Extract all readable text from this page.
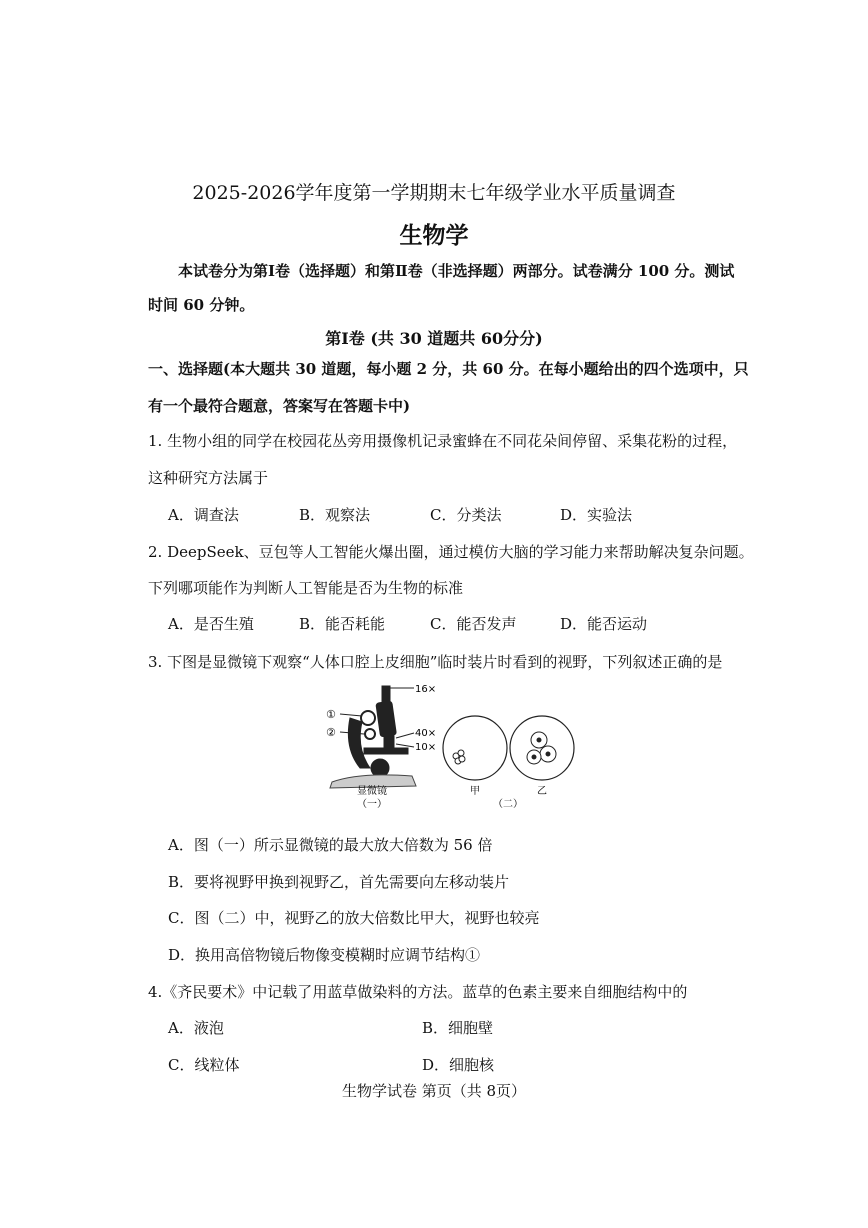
2025-2026学年度第一学期期末七年级学业水平质量调查
生物学
本试卷分为第Ⅰ卷（选择题）和第Ⅱ卷（非选择题）两部分。试卷满分 100 分。测试
时间 60 分钟。
第Ⅰ卷 (共 30 道题共 60分分)
一、选择题(本大题共 30 道题，每小题 2 分，共 60 分。在每小题给出的四个选项中，只
有一个最符合题意，答案写在答题卡中)
1. 生物小组的同学在校园花丛旁用摄像机记录蜜蜂在不同花朵间停留、采集花粉的过程，
这种研究方法属于
A．调查法	B．观察法	C．分类法	D．实验法
2. DeepSeek、豆包等人工智能火爆出圈，通过模仿大脑的学习能力来帮助解决复杂问题。
下列哪项能作为判断人工智能是否为生物的标准
A．是否生殖	B．能否耗能	C．能否发声	D．能否运动
3. 下图是显微镜下观察“人体口腔上皮细胞”临时装片时看到的视野，下列叙述正确的是
16×
40×
10×
①
②
显微镜
（一）
甲	乙
（二）
A．图（一）所示显微镜的最大放大倍数为 56 倍
B．要将视野甲换到视野乙，首先需要向左移动装片
C．图（二）中，视野乙的放大倍数比甲大，视野也较亮
D．换用高倍物镜后物像变模糊时应调节结构①
4.《齐民要术》中记载了用蓝草做染料的方法。蓝草的色素主要来自细胞结构中的
A．液泡	B．细胞壁
C．线粒体	D．细胞核
生物学试卷 第页（共 8页）
